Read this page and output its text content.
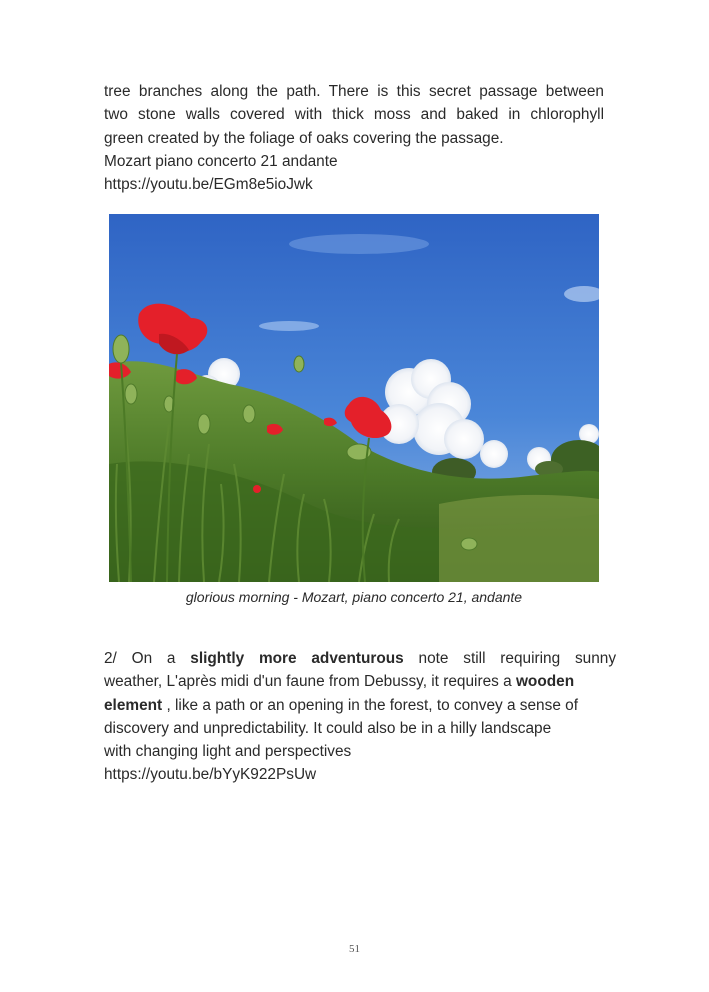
tree branches along the path. There is this secret passage between
two stone walls covered with thick moss and baked in chlorophyll
green created by the foliage of oaks covering the passage.
Mozart piano concerto 21 andante
https://youtu.be/EGm8e5ioJwk

glorious morning - Mozart, piano concerto 21, andante

2/ On a slightly more adventurous note still requiring sunny
weather, L'après midi d'un faune from Debussy, it requires a wooden
element , like a path or an opening in the forest, to convey a sense of
discovery and unpredictability. It could also be in a hilly landscape
with changing light and perspectives
https://youtu.be/bYyK922PsUw

51
